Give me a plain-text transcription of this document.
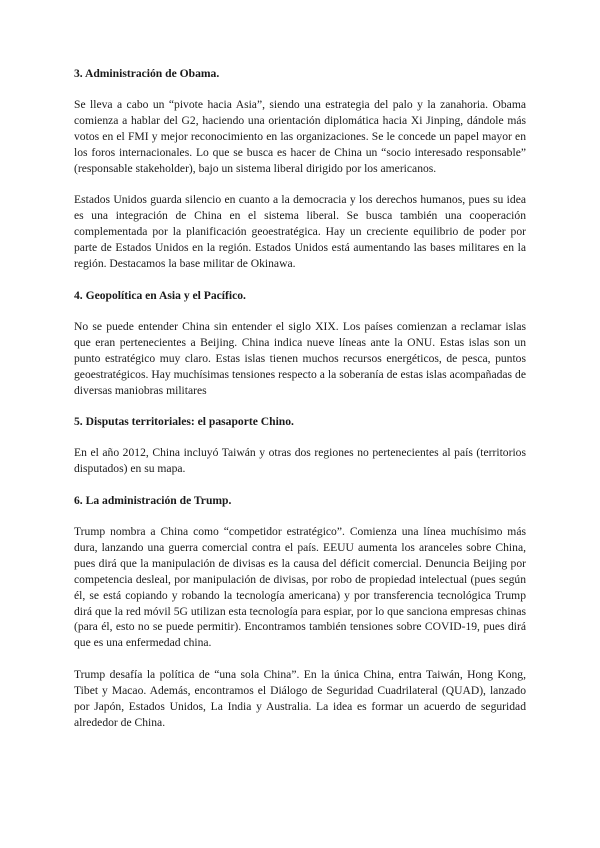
3. Administración de Obama.

Se lleva a cabo un “pivote hacia Asia”, siendo una estrategia del palo y la zanahoria. Obama comienza a hablar del G2, haciendo una orientación diplomática hacia Xi Jinping, dándole más votos en el FMI y mejor reconocimiento en las organizaciones. Se le concede un papel mayor en los foros internacionales. Lo que se busca es hacer de China un “socio interesado responsable” (responsable stakeholder), bajo un sistema liberal dirigido por los americanos.

Estados Unidos guarda silencio en cuanto a la democracia y los derechos humanos, pues su idea es una integración de China en el sistema liberal. Se busca también una cooperación complementada por la planificación geoestratégica. Hay un creciente equilibrio de poder por parte de Estados Unidos en la región. Estados Unidos está aumentando las bases militares en la región. Destacamos la base militar de Okinawa.

4. Geopolítica en Asia y el Pacífico.

No se puede entender China sin entender el siglo XIX. Los países comienzan a reclamar islas que eran pertenecientes a Beijing. China indica nueve líneas ante la ONU. Estas islas son un punto estratégico muy claro. Estas islas tienen muchos recursos energéticos, de pesca, puntos geoestratégicos. Hay muchísimas tensiones respecto a la soberanía de estas islas acompañadas de diversas maniobras militares

5. Disputas territoriales: el pasaporte Chino.

En el año 2012, China incluyó Taiwán y otras dos regiones no pertenecientes al país (territorios disputados) en su mapa.

6. La administración de Trump.

Trump nombra a China como “competidor estratégico”. Comienza una línea muchísimo más dura, lanzando una guerra comercial contra el país. EEUU aumenta los aranceles sobre China, pues dirá que la manipulación de divisas es la causa del déficit comercial. Denuncia Beijing por competencia desleal, por manipulación de divisas, por robo de propiedad intelectual (pues según él, se está copiando y robando la tecnología americana) y por transferencia tecnológica Trump dirá que la red móvil 5G utilizan esta tecnología para espiar, por lo que sanciona empresas chinas (para él, esto no se puede permitir). Encontramos también tensiones sobre COVID-19, pues dirá que es una enfermedad china.

Trump desafía la política de “una sola China”. En la única China, entra Taiwán, Hong Kong, Tibet y Macao. Además, encontramos el Diálogo de Seguridad Cuadrilateral (QUAD), lanzado por Japón, Estados Unidos, La India y Australia. La idea es formar un acuerdo de seguridad alrededor de China.
